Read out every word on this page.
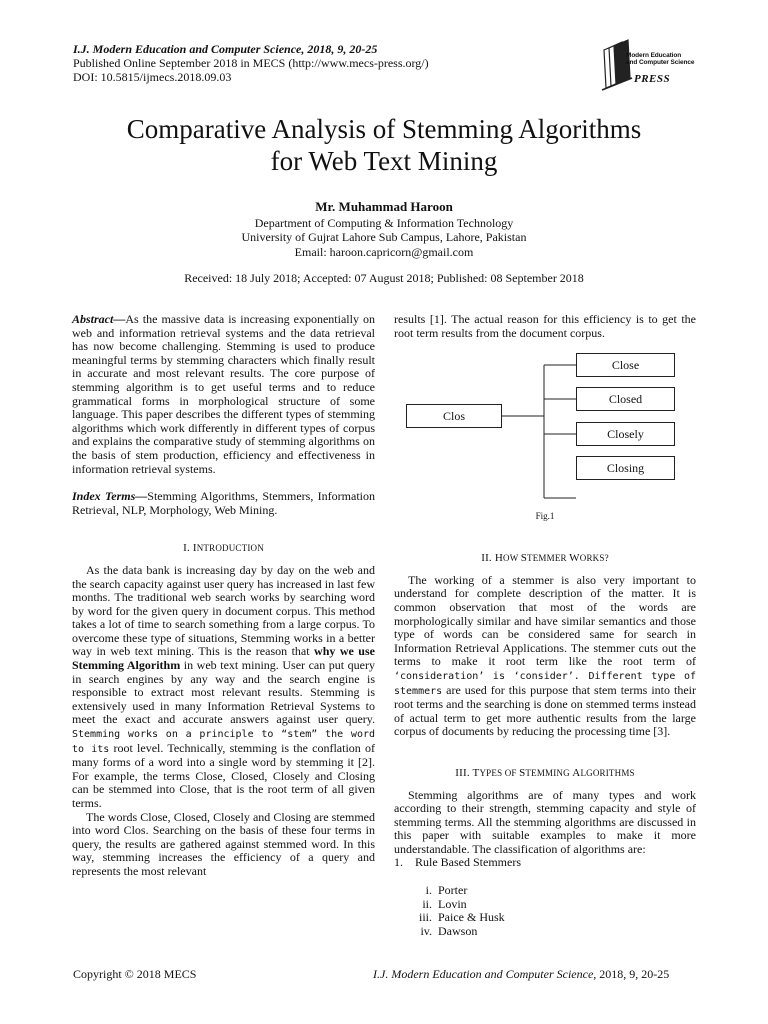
I.J. Modern Education and Computer Science, 2018, 9, 20-25
Published Online September 2018 in MECS (http://www.mecs-press.org/)
DOI: 10.5815/ijmecs.2018.09.03
Modern Education
and Computer Science
PRESS
Comparative Analysis of Stemming Algorithms
for Web Text Mining
Mr. Muhammad Haroon
Department of Computing & Information Technology
University of Gujrat Lahore Sub Campus, Lahore, Pakistan
Email: haroon.capricorn@gmail.com
Received: 18 July 2018; Accepted: 07 August 2018; Published: 08 September 2018

Abstract—As the massive data is increasing exponentially on web and information retrieval systems and the data retrieval has now become challenging. Stemming is used to produce meaningful terms by stemming characters which finally result in accurate and most relevant results. The core purpose of stemming algorithm is to get useful terms and to reduce grammatical forms in morphological structure of some language. This paper describes the different types of stemming algorithms which work differently in different types of corpus and explains the comparative study of stemming algorithms on the basis of stem production, efficiency and effectiveness in information retrieval systems.

Index Terms—Stemming Algorithms, Stemmers, Information Retrieval, NLP, Morphology, Web Mining.

I. INTRODUCTION

As the data bank is increasing day by day on the web and the search capacity against user query has increased in last few months. The traditional web search works by searching word by word for the given query in document corpus. This method takes a lot of time to search something from a large corpus. To overcome these type of situations, Stemming works in a better way in web text mining. This is the reason that why we use Stemming Algorithm in web text mining. User can put query in search engines by any way and the search engine is responsible to extract most relevant results. Stemming is extensively used in many Information Retrieval Systems to meet the exact and accurate answers against user query. Stemming works on a principle to “stem” the word to its root level. Technically, stemming is the conflation of many forms of a word into a single word by stemming it [2]. For example, the terms Close, Closed, Closely and Closing can be stemmed into Close, that is the root term of all given terms.

The words Close, Closed, Closely and Closing are stemmed into word Clos. Searching on the basis of these four terms in query, the results are gathered against stemmed word. In this way, stemming increases the efficiency of a query and represents the most relevant

results [1]. The actual reason for this efficiency is to get the root term results from the document corpus.

Clos
Close
Closed
Closely
Closing
Fig.1
II. HOW STEMMER WORKS?

The working of a stemmer is also very important to understand for complete description of the matter. It is common observation that most of the words are morphologically similar and have similar semantics and those type of words can be considered same for search in Information Retrieval Applications. The stemmer cuts out the terms to make it root term like the root term of ‘consideration’ is ‘consider’. Different type of stemmers are used for this purpose that stem terms into their root terms and the searching is done on stemmed terms instead of actual term to get more authentic results from the large corpus of documents by reducing the processing time [3].

III. TYPES OF STEMMING ALGORITHMS

Stemming algorithms are of many types and work according to their strength, stemming capacity and style of stemming terms. All the stemming algorithms are discussed in this paper with suitable examples to make it more understandable. The classification of algorithms are:

1.    Rule Based Stemmers
i. Porter
ii. Lovin
iii. Paice & Husk
iv. Dawson
Copyright © 2018 MECS	I.J. Modern Education and Computer Science, 2018, 9, 20-25
